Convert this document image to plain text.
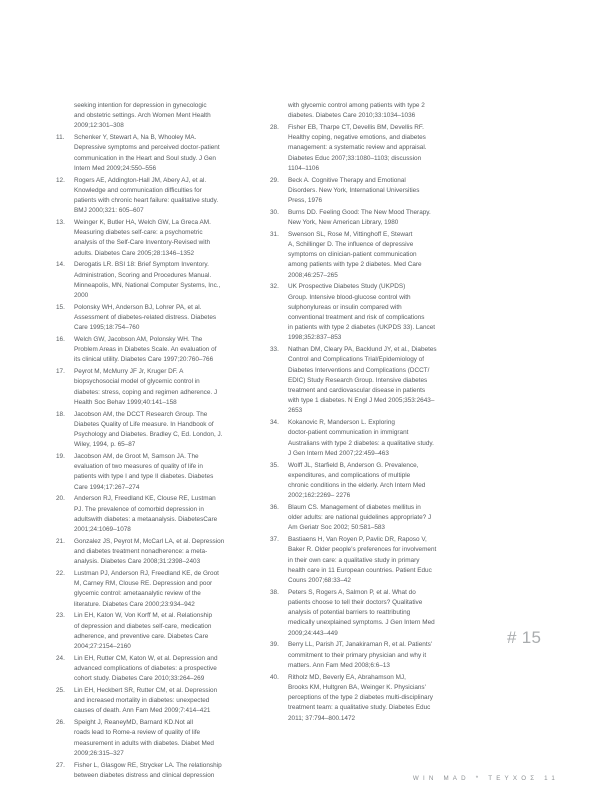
seeking intention for depression in gynecologic
and obstetric settings. Arch Women Ment Health
2009;12:301–308
11.	Schenker Y, Stewart A, Na B, Whooley MA.
Depressive symptoms and perceived doctor-patient
communication in the Heart and Soul study. J Gen
Intern Med 2009;24:550–556
12.	Rogers AE, Addington-Hall JM, Abery AJ, et al.
Knowledge and communication difficulties for
patients with chronic heart failure: qualitative study.
BMJ 2000;321: 605–607
13.	Weinger K, Butler HA, Welch GW, La Greca AM.
Measuring diabetes self-care: a psychometric
analysis of the Self-Care Inventory-Revised with
adults. Diabetes Care 2005;28:1346–1352
14.	Derogatis LR. BSI 18: Brief Symptom Inventory.
Administration, Scoring and Procedures Manual.
Minneapolis, MN, National Computer Systems, Inc.,
2000
15.	Polonsky WH, Anderson BJ, Lohrer PA, et al.
Assessment of diabetes-related distress. Diabetes
Care 1995;18:754–760
16.	Welch GW, Jacobson AM, Polonsky WH. The
Problem Areas in Diabetes Scale. An evaluation of
its clinical utility. Diabetes Care 1997;20:760–766
17.	Peyrot M, McMurry JF Jr, Kruger DF. A
biopsychosocial model of glycemic control in
diabetes: stress, coping and regimen adherence. J
Health Soc Behav 1999;40:141–158
18.	Jacobson AM, the DCCT Research Group. The
Diabetes Quality of Life measure. In Handbook of
Psychology and Diabetes. Bradley C, Ed. London, J.
Wiley, 1994, p. 65–87
19.	Jacobson AM, de Groot M, Samson JA. The
evaluation of two measures of quality of life in
patients with type I and type II diabetes. Diabetes
Care 1994;17:267–274
20.	Anderson RJ, Freedland KE, Clouse RE, Lustman
PJ. The prevalence of comorbid depression in
adultswith diabetes: a metaanalysis. DiabetesCare
2001;24:1069–1078
21.	Gonzalez JS, Peyrot M, McCarl LA, et al. Depression
and diabetes treatment nonadherence: a meta-
analysis. Diabetes Care 2008;31:2398–2403
22.	Lustman PJ, Anderson RJ, Freedland KE, de Groot
M, Carney RM, Clouse RE. Depression and poor
glycemic control: ametaanalytic review of the
literature. Diabetes Care 2000;23:934–942
23.	Lin EH, Katon W, Von Korff M, et al. Relationship
of depression and diabetes self-care, medication
adherence, and preventive care. Diabetes Care
2004;27:2154–2160
24.	Lin EH, Rutter CM, Katon W, et al. Depression and
advanced complications of diabetes: a prospective
cohort study. Diabetes Care 2010;33:264–269
25.	Lin EH, Heckbert SR, Rutter CM, et al. Depression
and increased mortality in diabetes: unexpected
causes of death. Ann Fam Med 2009;7:414–421
26.	Speight J, ReaneyMD, Barnard KD.Not all
roads lead to Rome-a review of quality of life
measurement in adults with diabetes. Diabet Med
2009;26:315–327
27.	Fisher L, Glasgow RE, Strycker LA. The relationship
between diabetes distress and clinical depression
with glycemic control among patients with type 2
diabetes. Diabetes Care 2010;33:1034–1036
28.	Fisher EB, Tharpe CT, Devellis BM, Devellis RF.
Healthy coping, negative emotions, and diabetes
management: a systematic review and appraisal.
Diabetes Educ 2007;33:1080–1103; discussion
1104–1106
29.	Beck A. Cognitive Therapy and Emotional
Disorders. New York, International Universities
Press, 1976
30.	Burns DD. Feeling Good: The New Mood Therapy.
New York, New American Library, 1980
31.	Swenson SL, Rose M, Vittinghoff E, Stewart
A, Schillinger D. The influence of depressive
symptoms on clinician-patient communication
among patients with type 2 diabetes. Med Care
2008;46:257–265
32.	UK Prospective Diabetes Study (UKPDS)
Group. Intensive blood-glucose control with
sulphonylureas or insulin compared with
conventional treatment and risk of complications
in patients with type 2 diabetes (UKPDS 33). Lancet
1998;352:837–853
33.	Nathan DM, Cleary PA, Backlund JY, et al., Diabetes
Control and Complications Trial/Epidemiology of
Diabetes Interventions and Complications (DCCT/
EDIC) Study Research Group. Intensive diabetes
treatment and cardiovascular disease in patients
with type 1 diabetes. N Engl J Med 2005;353:2643–
2653
34.	Kokanovic R, Manderson L. Exploring
doctor-patient communication in immigrant
Australians with type 2 diabetes: a qualitative study.
J Gen Intern Med 2007;22:459–463
35.	Wolff JL, Starfield B, Anderson G. Prevalence,
expenditures, and complications of multiple
chronic conditions in the elderly. Arch Intern Med
2002;162:2269– 2276
36.	Blaum CS. Management of diabetes mellitus in
older adults: are national guidelines appropriate? J
Am Geriatr Soc 2002; 50:581–583
37.	Bastiaens H, Van Royen P, Pavlic DR, Raposo V,
Baker R. Older people's preferences for involvement
in their own care: a qualitative study in primary
health care in 11 European countries. Patient Educ
Couns 2007;68:33–42
38.	Peters S, Rogers A, Salmon P, et al. What do
patients choose to tell their doctors? Qualitative
analysis of potential barriers to reattributing
medically unexplained symptoms. J Gen Intern Med
2009;24:443–449
39.	Berry LL, Parish JT, Janakiraman R, et al. Patients'
commitment to their primary physician and why it
matters. Ann Fam Med 2008;6:6–13
40.	Ritholz MD, Beverly EA, Abrahamson MJ,
Brooks KM, Hultgren BA, Weinger K. Physicians'
perceptions of the type 2 diabetes multi-disciplinary
treatment team: a qualitative study. Diabetes Educ
2011; 37:794–800.1472
# 15
WIN MAD * ΤΕΥΧΟΣ 11
